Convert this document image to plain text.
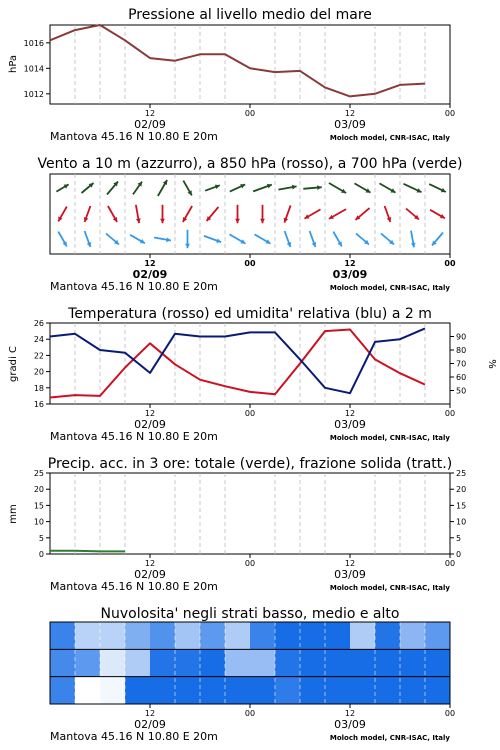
Pressione al livello medio del mare
hPa
1012
1014
1016
12	00	12	00
02/09	03/09
Mantova 45.16 N 10.80 E 20m	Moloch model, CNR-ISAC, Italy
Vento a 10 m (azzurro), a 850 hPa (rosso), a 700 hPa (verde)
12	00	12	00
02/09	03/09
Mantova 45.16 N 10.80 E 20m	Moloch model, CNR-ISAC, Italy
Temperatura (rosso) ed umidita' relativa (blu) a 2 m
gradi C	%
16
18
20
22
24
26
50
60
70
80
90
12	00	12	00
02/09	03/09
Mantova 45.16 N 10.80 E 20m	Moloch model, CNR-ISAC, Italy
Precip. acc. in 3 ore: totale (verde), frazione solida (tratt.)
mm
0
5
10
15
20
25
0
5
10
15
20
25
12	00	12	00
02/09	03/09
Mantova 45.16 N 10.80 E 20m	Moloch model, CNR-ISAC, Italy
Nuvolosita' negli strati basso, medio e alto
12	00	12	00
02/09	03/09
Mantova 45.16 N 10.80 E 20m	Moloch model, CNR-ISAC, Italy
